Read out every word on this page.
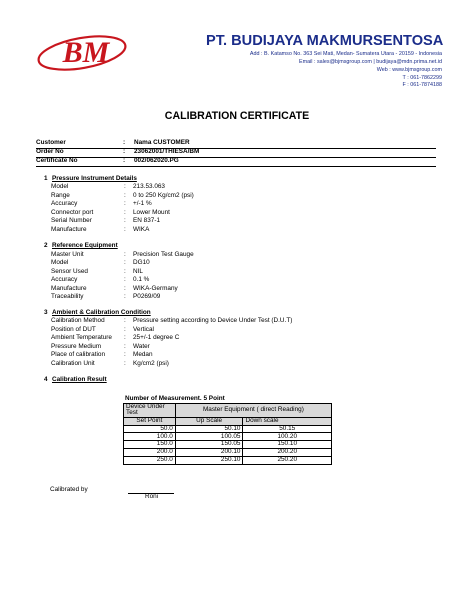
BM	PT. BUDIJAYA MAKMURSENTOSA
Add : B. Katamso No. 363 Sei Mati, Medan- Sumatera Utara - 20159 - Indonesia
Email : sales@bjmsgroup.com | budijaya@mdn.prima.net.id
Web : www.bjmsgroup.com
T : 061-7862299
F : 061-7874188
CALIBRATION CERTIFICATE
Customer	: Nama CUSTOMER
Order No	: 23062001/THIESA/BM
Certificate No	: 002/062020.PG
1 Pressure Instrument Details
Model	: 213.53.063
Range	: 0 to 250 Kg/cm2 (psi)
Accuracy	: +/-1 %
Connector port	: Lower Mount
Serial Number	: EN 837-1
Manufacture	: WIKA
2 Reference Equipment
Master Unit	: Precision Test Gauge
Model	: DG10
Sensor Used	: NIL
Accuracy	: 0.1 %
Manufacture	: WIKA-Germany
Traceability	: P0269/09
3 Ambient & Calibration Condition
Calibration Method	: Pressure setting according to Device Under Test (D.U.T)
Position of DUT	: Vertical
Ambient Temperature : 25+/-1 degree C
Pressure Medium	: Water
Place of calibration	: Medan
Calibration Unit	: Kg/cm2 (psi)
4 Calibration Result
Number of Measurement. 5 Point
Device Under Test	Master Equipment ( direct Reading)	
Set Point	Up Scale	Down scale
50.0	50.10	50.15
100.0	100.05	100.20
150.0	150.05	150.10
200.0	200.10	200.20
250.0	250.10	250.20
Calibrated by
Roni
